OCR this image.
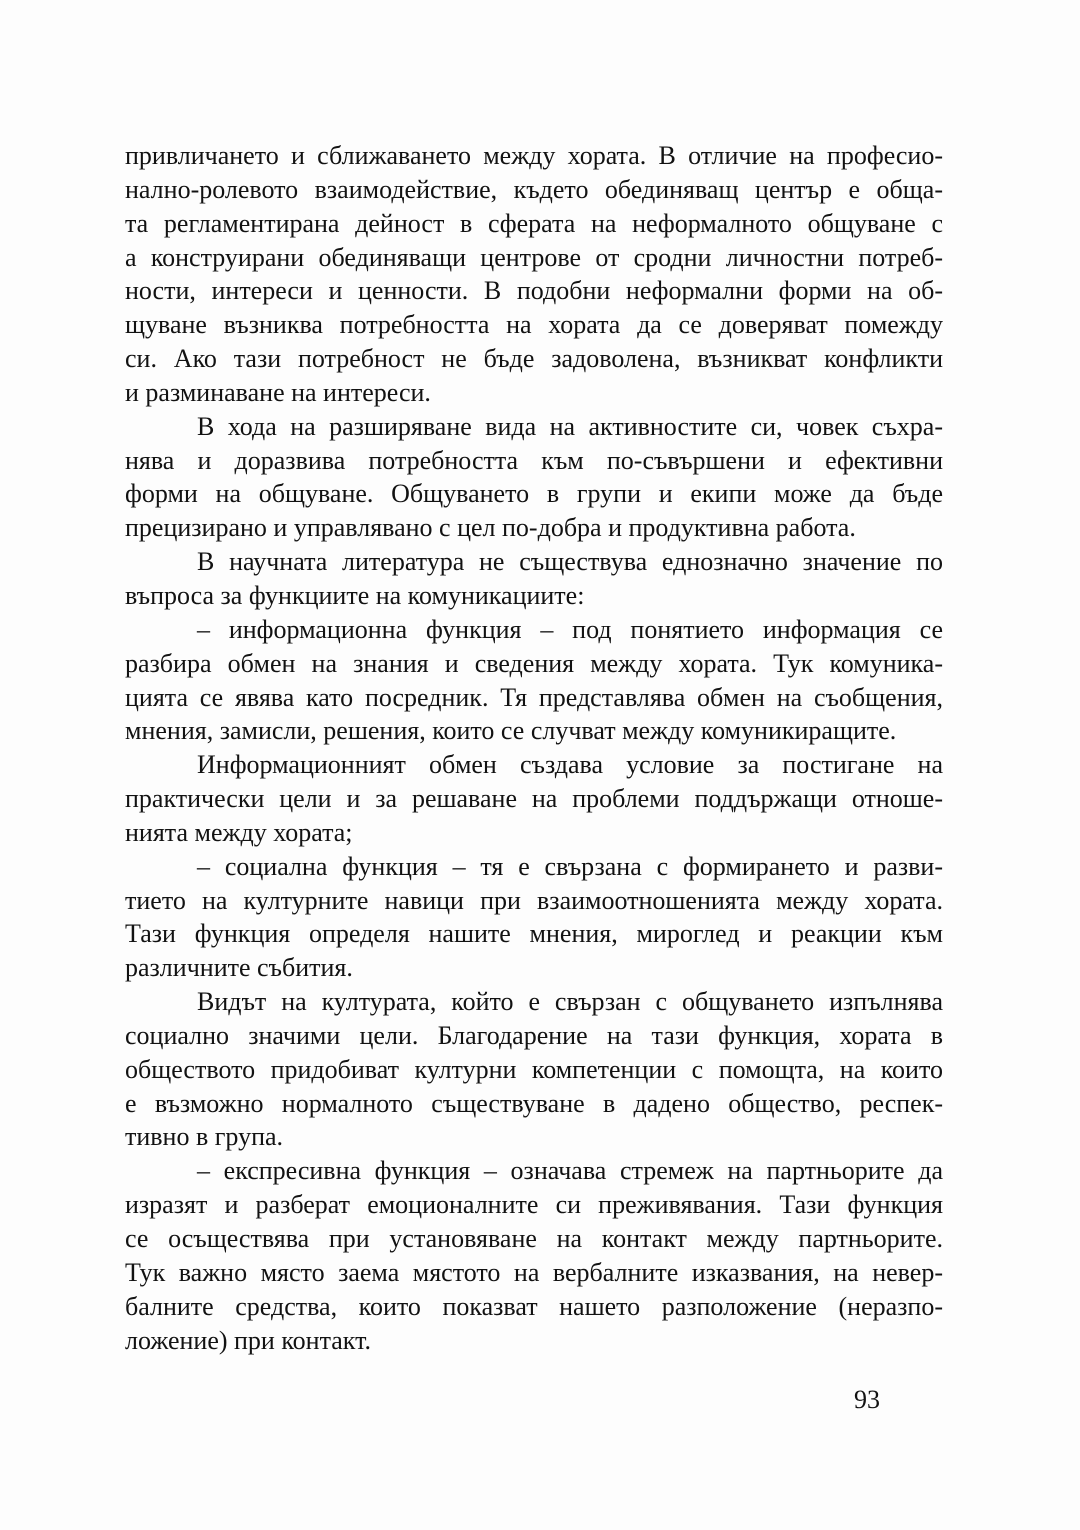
привличането и сближаването между хората. В отличие на професио-
нално-ролевото взаимодействие, където обединяващ център е обща-
та регламентирана дейност в сферата на неформалното общуване с
а конструирани обединяващи центрове от сродни личностни потреб-
ности, интереси и ценности. В подобни неформални форми на об-
щуване възниква потребността на хората да се доверяват помежду
си. Ако тази потребност не бъде задоволена, възникват конфликти
и разминаване на интереси.
В хода на разширяване вида на активностите си, човек съхра-
нява и доразвива потребността към по-съвършени и ефективни
форми на общуване. Общуването в групи и екипи може да бъде
прецизирано и управлявано с цел по-добра и продуктивна работа.
В научната литература не съществува еднозначно значение по
въпроса за функциите на комуникациите:
– информационна функция – под понятието информация се
разбира обмен на знания и сведения между хората. Тук комуника-
цията се явява като посредник. Тя представлява обмен на съобщения,
мнения, замисли, решения, които се случват между комуникиращите.
Информационният обмен създава условие за постигане на
практически цели и за решаване на проблеми поддържащи отноше-
нията между хората;
– социална функция – тя е свързана с формирането и разви-
тието на културните навици при взаимоотношенията между хората.
Тази функция определя нашите мнения, мироглед и реакции към
различните събития.
Видът на културата, който е свързан с общуването изпълнява
социално значими цели. Благодарение на тази функция, хората в
обществото придобиват културни компетенции с помощта, на които
е възможно нормалното съществуване в дадено общество, респек-
тивно в група.
– експресивна функция – означава стремеж на партньорите да
изразят и разберат емоционалните си преживявания. Тази функция
се осъществява при установяване на контакт между партньорите.
Тук важно място заема мястото на вербалните изказвания, на невер-
балните средства, които показват нашето разположение (неразпо-
ложение) при контакт.
93
